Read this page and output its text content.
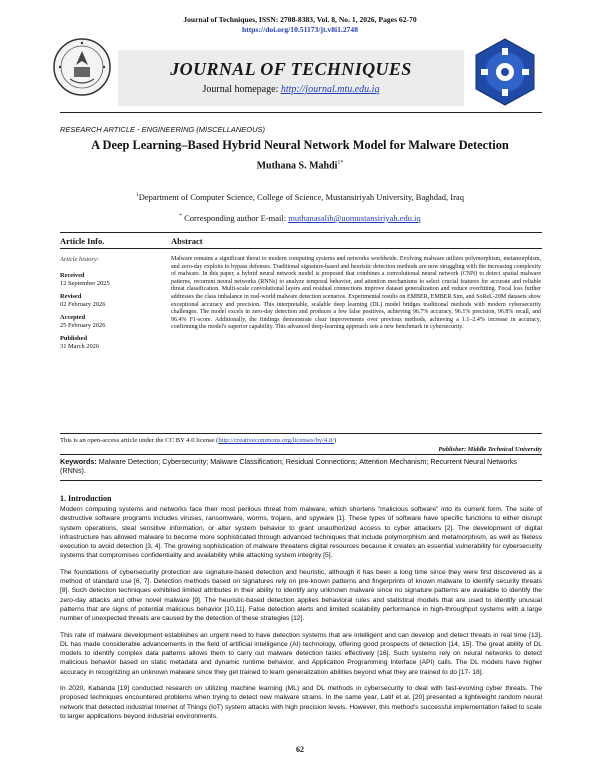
Journal of Techniques, ISSN: 2708-8383, Vol. 8, No. 1, 2026, Pages 62-70
https://doi.org/10.51173/jt.v8i1.2748
JOURNAL OF TECHNIQUES
Journal homepage: http://journal.mtu.edu.iq
RESEARCH ARTICLE - ENGINEERING (MISCELLANEOUS)
A Deep Learning–Based Hybrid Neural Network Model for Malware Detection
Muthana S. Mahdi$^{1*}$
$^1$Department of Computer Science, College of Science, Mustansiriyah University, Baghdad, Iraq
* Corresponding author E-mail: muthanasalih@uomustansiriyah.edu.iq
Article Info.	Abstract
Article history:
Received
12 September 2025
Revised
02 February 2026
Accepted
25 February 2026
Published
31 March 2026
Malware remains a significant threat to modern computing systems and networks worldwide. Evolving malware utilizes polymorphism, metamorphism, and zero-day exploits to bypass defenses. Traditional signature-based and heuristic detection methods are now struggling with the increasing complexity of malware. In this paper, a hybrid neural network model is proposed that combines a convolutional neural network (CNN) to detect spatial malware patterns, recurrent neural networks (RNNs) to analyze temporal behavior, and attention mechanisms to select crucial features for accurate and reliable threat classification. Multi-scale convolutional layers and residual connections improve dataset generalization and reduce overfitting. Focal loss further addresses the class imbalance in real-world malware detection scenarios. Experimental results on EMBER, EMBER Sim, and SoReL-20M datasets show exceptional accuracy and precision. This interpretable, scalable deep learning (DL) model bridges traditional methods with modern cybersecurity challenges. The model excels in zero-day detection and produces a few false positives, achieving 96.7% accuracy, 96.1% precision, 96.8% recall, and 96.4% F1-score. Additionally, the findings demonstrate clear improvements over previous methods, achieving a 1.1–2.4% increase in accuracy, confirming the model's superior capability. This advanced deep-learning approach sets a new benchmark in cybersecurity.
This is an open-access article under the CC BY 4.0 license (http://creativecommons.org/licenses/by/4.0/)
Publisher: Middle Technical University
Keywords: Malware Detection; Cybersecurity; Malware Classification; Residual Connections; Attention Mechanism; Recurrent Neural Networks (RNNs).
1. Introduction

Modern computing systems and networks face their most perilous threat from malware, which shortens "malicious software" into its current form. The suite of destructive software programs includes viruses, ransomware, worms, trojans, and spyware [1]. These types of software have specific functions to either disrupt system operations, steal sensitive information, or alter system behavior to grant unauthorized access to cyber attackers [2]. The development of digital infrastructure has allowed malware to become more sophisticated through advanced techniques that include polymorphism and metamorphism, as well as fileless execution to avoid detection [3, 4]. The growing sophistication of malware threatens digital resources because it creates an essential vulnerability for cybersecurity systems that compromises confidentiality and availability while attacking system integrity [5].

The foundations of cybersecurity protection are signature-based detection and heuristic, although it has been a long time since they were first discovered as a method of standard use [6, 7]. Detection methods based on signatures rely on pre-known patterns and fingerprints of known malware to identify security threats [8]. Such detection techniques exhibited limited attributes in their ability to identify any unknown malware since no signature patterns are available to identify the zero-day attacks and other novel malware [9]. The heuristic-based detection applies behavioral rules and statistical models that are used to identify unusual patterns that are signs of potential malicious behavior [10,11]. False detection alerts and limited scalability performance in high-throughput systems with a large number of unexpected threats are caused by the detection of these strategies [12].

This rate of malware development establishes an urgent need to have detection systems that are intelligent and can develop and detect threats in real time [13]. DL has made considerable advancements in the field of artificial intelligence (AI) technology, offering good prospects of detection [14, 15]. The great ability of DL models to identify complex data patterns allows them to carry out malware detection tasks effectively [16]. Such systems rely on neural networks to detect malicious behavior based on static metadata and dynamic runtime behavior, and Application Programming Interface (API) calls. The DL models have higher accuracy in recognizing an unknown malware since they get trained to learn generalization abilities beyond what they are trained to do [17- 18].

In 2020, Kabanda [19] conducted research on utilizing machine learning (ML) and DL methods in cybersecurity to deal with fast-evolving cyber threats. The proposed techniques encountered problems when trying to detect new malware strains. In the same year, Latif et al. [20] presented a lightweight random neural network that detected industrial Internet of Things (IoT) system attacks with high precision levels. However, this method's successful implementation failed to scale to larger applications beyond industrial environments.

62
